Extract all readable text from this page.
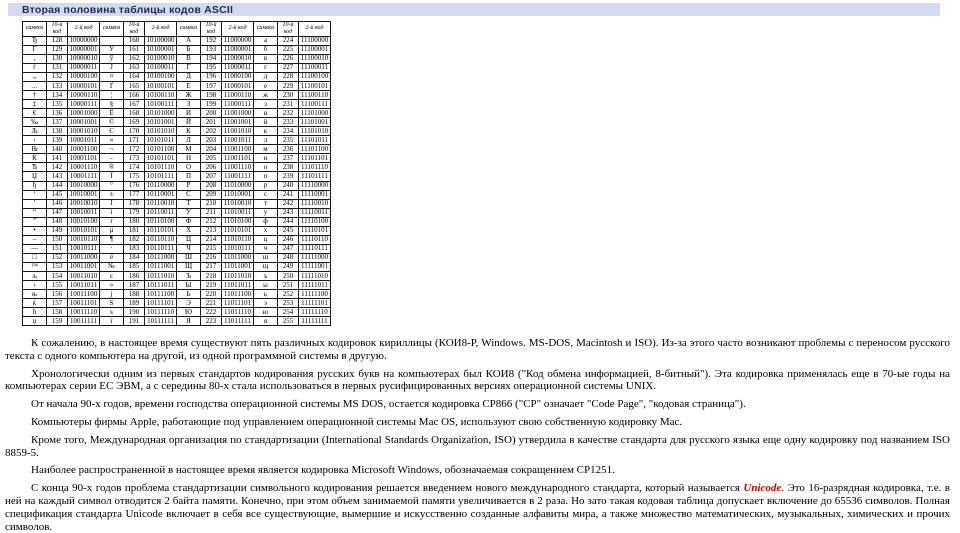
Вторая половина таблицы кодов ASCII
символ	10-й код	2-й код	символ	10-й код	2-й код	символ	10-й код	2-й код	символ	10-й код	2-й код
Ђ	128	10000000		160	10100000	А	192	11000000	а	224	11100000
Ѓ	129	10000001	Ў	161	10100001	Б	193	11000001	б	225	11100001
‚	130	10000010	ў	162	10100010	В	194	11000010	в	226	11100010
ѓ	131	10000011	Ј	163	10100011	Г	195	11000011	г	227	11100011
„	132	10000100	¤	164	10100100	Д	196	11000100	д	228	11100100
…	133	10000101	Ґ	165	10100101	Е	197	11000101	е	229	11100101
†	134	10000110	¦	166	10100110	Ж	198	11000110	ж	230	11100110
‡	135	10000111	§	167	10100111	З	199	11000111	з	231	11100111
€	136	10001000	Ё	168	10101000	И	200	11001000	и	232	11101000
‰	137	10001001	©	169	10101001	Й	201	11001001	й	233	11101001
Љ	138	10001010	Є	170	10101010	К	202	11001010	к	234	11101010
‹	139	10001011	«	171	10101011	Л	203	11001011	л	235	11101011
Њ	140	10001100	¬	172	10101100	М	204	11001100	м	236	11101100
Ќ	141	10001101	-	173	10101101	Н	205	11001101	н	237	11101101
Ћ	142	10001110	®	174	10101110	О	206	11001110	о	238	11101110
Џ	143	10001111	Ї	175	10101111	П	207	11001111	п	239	11101111
ђ	144	10010000	°	176	10110000	Р	208	11010000	р	240	11110000
‘	145	10010001	±	177	10110001	С	209	11010001	с	241	11110001
’	146	10010010	І	178	10110010	Т	210	11010010	т	242	11110010
“	147	10010011	і	179	10110011	У	211	11010011	у	243	11110011
”	148	10010100	ґ	180	10110100	Ф	212	11010100	ф	244	11110100
•	149	10010101	µ	181	10110101	Х	213	11010101	х	245	11110101
–	150	10010110	¶	182	10110110	Ц	214	11010110	ц	246	11110110
—	151	10010111	·	183	10110111	Ч	215	11010111	ч	247	11110111
□	152	10011000	ё	184	10111000	Ш	216	11011000	ш	248	11111000
™	153	10011001	№	185	10111001	Щ	217	11011001	щ	249	11111001
љ	154	10011010	є	186	10111010	Ъ	218	11011010	ъ	250	11111010
›	155	10011011	»	187	10111011	Ы	219	11011011	ы	251	11111011
њ	156	10011100	ј	188	10111100	Ь	220	11011100	ь	252	11111100
ќ	157	10011101	Ѕ	189	10111101	Э	221	11011101	э	253	11111101
ћ	158	10011110	ѕ	190	10111110	Ю	222	11011110	ю	254	11111110
џ	159	10011111	ї	191	10111111	Я	223	11011111	я	255	11111111

К сожалению, в настоящее время существуют пять различных кодировок кириллицы (КОИ8-Р, Windows. MS-DOS, Macintosh и ISO). Из-за этого часто возникают проблемы с переносом русского текста с одного компьютера на другой, из одной программной системы в другую.

Хронологически одним из первых стандартов кодирования русских букв на компьютерах был КОИ8 ("Код обмена информацией, 8-битный"). Эта кодировка применялась еще в 70-ые годы на компьютерах серии ЕС ЭВМ, а с середины 80-х стала использоваться в первых русифицированных версиях операционной системы UNIX.

От начала 90-х годов, времени господства операционной системы MS DOS, остается кодировка CP866 ("CP" означает "Code Page", "кодовая страница").

Компьютеры фирмы Apple, работающие под управлением операционной системы Mac OS, используют свою собственную кодировку Mac.

Кроме того, Международная организация по стандартизации (International Standards Organization, ISO) утвердила в качестве стандарта для русского языка еще одну кодировку под названием ISO 8859-5.

Наиболее распространенной в настоящее время является кодировка Microsoft Windows, обозначаемая сокращением CP1251.

С конца 90-х годов проблема стандартизации символьного кодирования решается введением нового международного стандарта, который называется Unicode. Это 16-разрядная кодировка, т.е. в ней на каждый символ отводится 2 байта памяти. Конечно, при этом объем занимаемой памяти увеличивается в 2 раза. Но зато такая кодовая таблица допускает включение до 65536 символов. Полная спецификация стандарта Unicode включает в себя все существующие, вымершие и искусственно созданные алфавиты мира, а также множество математических, музыкальных, химических и прочих символов.
